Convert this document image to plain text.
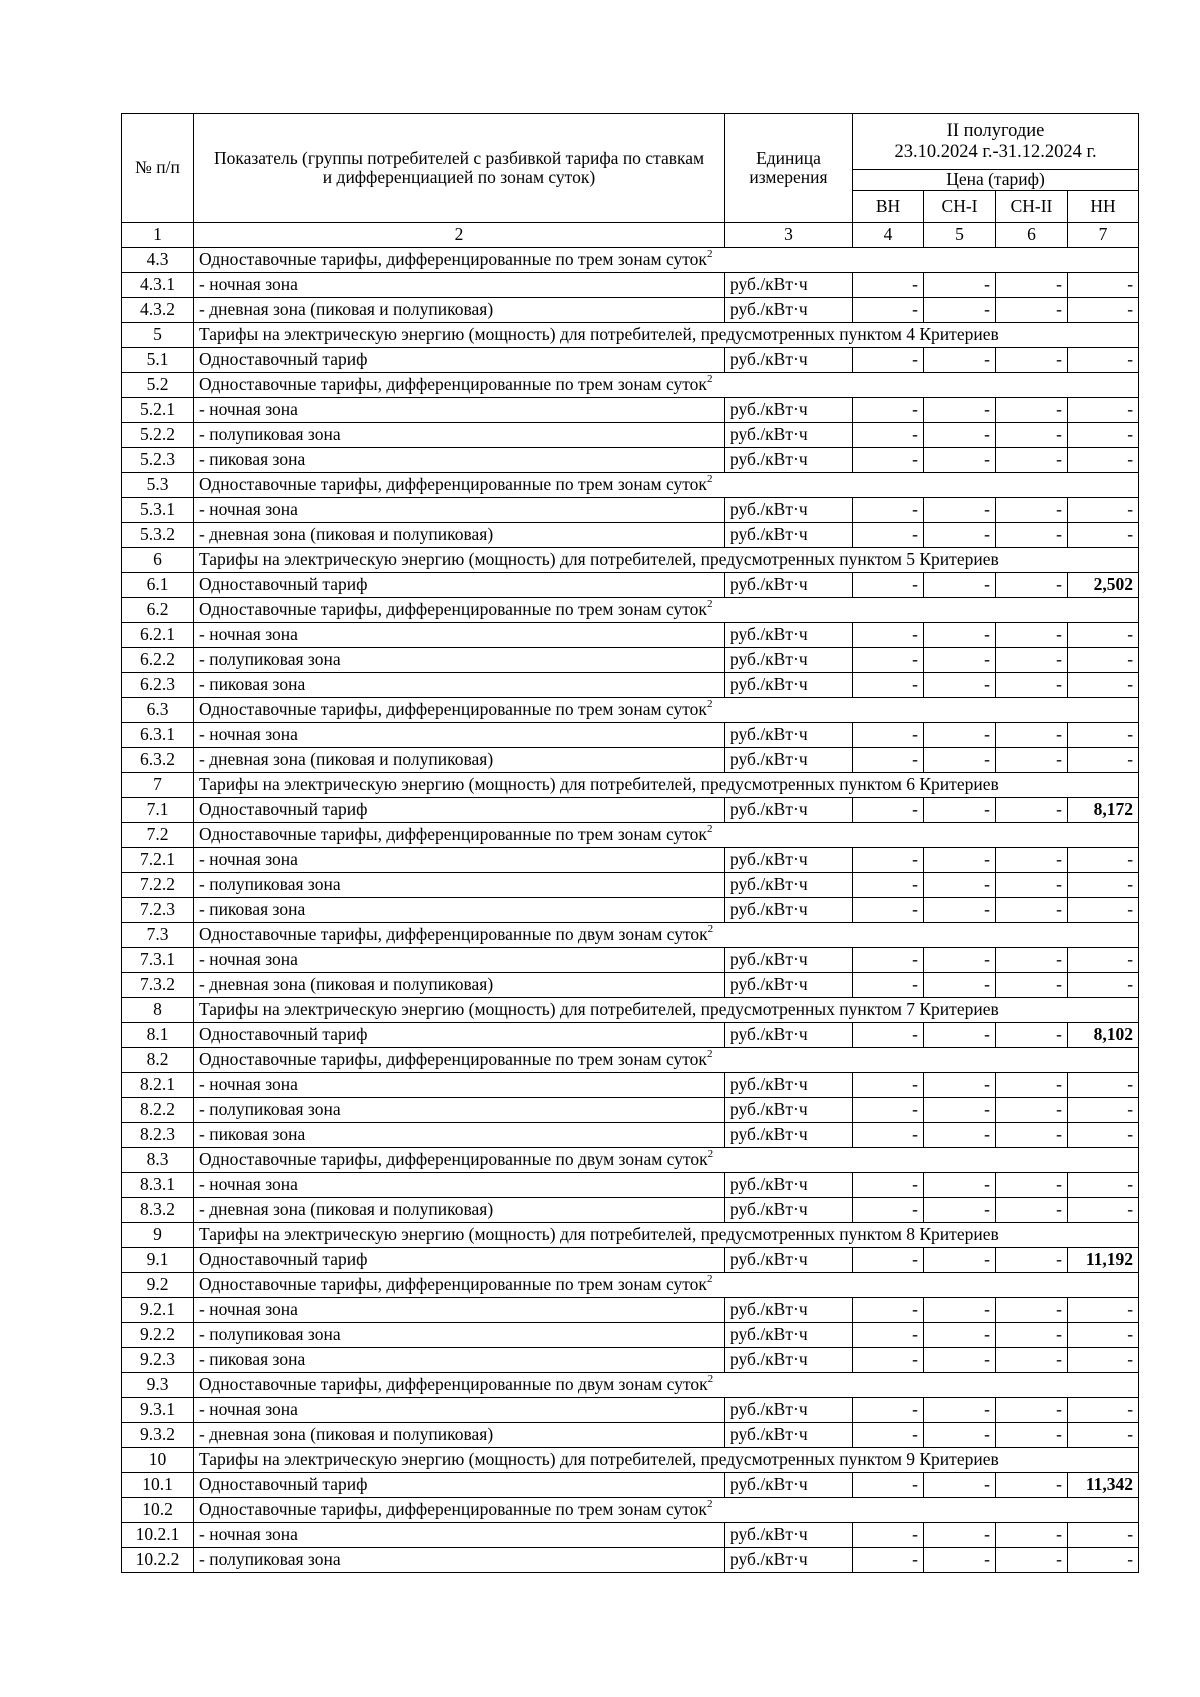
№ п/п	Показатель (группы потребителей с разбивкой тарифа по ставкам и дифференциацией по зонам суток)	Единица измерения	II полугодие
23.10.2024 г.-31.12.2024 г.			

			Цена (тариф)			
			ВН	СН-I	СН-II	НН
1	2	3	4	5	6	7
4.3	Одноставочные тарифы, дифференцированные по трем зонам суток$^2$
4.3.1	- ночная зона	руб./кВт·ч	-	-	-	-
4.3.2	- дневная зона (пиковая и полупиковая)	руб./кВт·ч	-	-	-	-
5	Тарифы на электрическую энергию (мощность) для потребителей, предусмотренных пунктом 4 Критериев					
5.1	Одноставочный тариф	руб./кВт·ч	-	-	-	-
5.2	Одноставочные тарифы, дифференцированные по трем зонам суток$^2$
5.2.1	- ночная зона	руб./кВт·ч	-	-	-	-
5.2.2	- полупиковая зона	руб./кВт·ч	-	-	-	-
5.2.3	- пиковая зона	руб./кВт·ч	-	-	-	-
5.3	Одноставочные тарифы, дифференцированные по трем зонам суток$^2$
5.3.1	- ночная зона	руб./кВт·ч	-	-	-	-
5.3.2	- дневная зона (пиковая и полупиковая)	руб./кВт·ч	-	-	-	-
6	Тарифы на электрическую энергию (мощность) для потребителей, предусмотренных пунктом 5 Критериев					
6.1	Одноставочный тариф	руб./кВт·ч	-	-	-	2,502
6.2	Одноставочные тарифы, дифференцированные по трем зонам суток$^2$
6.2.1	- ночная зона	руб./кВт·ч	-	-	-	-
6.2.2	- полупиковая зона	руб./кВт·ч	-	-	-	-
6.2.3	- пиковая зона	руб./кВт·ч	-	-	-	-
6.3	Одноставочные тарифы, дифференцированные по трем зонам суток$^2$
6.3.1	- ночная зона	руб./кВт·ч	-	-	-	-
6.3.2	- дневная зона (пиковая и полупиковая)	руб./кВт·ч	-	-	-	-
7	Тарифы на электрическую энергию (мощность) для потребителей, предусмотренных пунктом 6 Критериев					
7.1	Одноставочный тариф	руб./кВт·ч	-	-	-	8,172
7.2	Одноставочные тарифы, дифференцированные по трем зонам суток$^2$
7.2.1	- ночная зона	руб./кВт·ч	-	-	-	-
7.2.2	- полупиковая зона	руб./кВт·ч	-	-	-	-
7.2.3	- пиковая зона	руб./кВт·ч	-	-	-	-
7.3	Одноставочные тарифы, дифференцированные по двум зонам суток$^2$
7.3.1	- ночная зона	руб./кВт·ч	-	-	-	-
7.3.2	- дневная зона (пиковая и полупиковая)	руб./кВт·ч	-	-	-	-
8	Тарифы на электрическую энергию (мощность) для потребителей, предусмотренных пунктом 7 Критериев					
8.1	Одноставочный тариф	руб./кВт·ч	-	-	-	8,102
8.2	Одноставочные тарифы, дифференцированные по трем зонам суток$^2$
8.2.1	- ночная зона	руб./кВт·ч	-	-	-	-
8.2.2	- полупиковая зона	руб./кВт·ч	-	-	-	-
8.2.3	- пиковая зона	руб./кВт·ч	-	-	-	-
8.3	Одноставочные тарифы, дифференцированные по двум зонам суток$^2$
8.3.1	- ночная зона	руб./кВт·ч	-	-	-	-
8.3.2	- дневная зона (пиковая и полупиковая)	руб./кВт·ч	-	-	-	-
9	Тарифы на электрическую энергию (мощность) для потребителей, предусмотренных пунктом 8 Критериев					
9.1	Одноставочный тариф	руб./кВт·ч	-	-	-	11,192
9.2	Одноставочные тарифы, дифференцированные по трем зонам суток$^2$
9.2.1	- ночная зона	руб./кВт·ч	-	-	-	-
9.2.2	- полупиковая зона	руб./кВт·ч	-	-	-	-
9.2.3	- пиковая зона	руб./кВт·ч	-	-	-	-
9.3	Одноставочные тарифы, дифференцированные по двум зонам суток$^2$
9.3.1	- ночная зона	руб./кВт·ч	-	-	-	-
9.3.2	- дневная зона (пиковая и полупиковая)	руб./кВт·ч	-	-	-	-
10	Тарифы на электрическую энергию (мощность) для потребителей, предусмотренных пунктом 9 Критериев					
10.1	Одноставочный тариф	руб./кВт·ч	-	-	-	11,342
10.2	Одноставочные тарифы, дифференцированные по трем зонам суток$^2$
10.2.1	- ночная зона	руб./кВт·ч	-	-	-	-
10.2.2	- полупиковая зона	руб./кВт·ч	-	-	-	-
